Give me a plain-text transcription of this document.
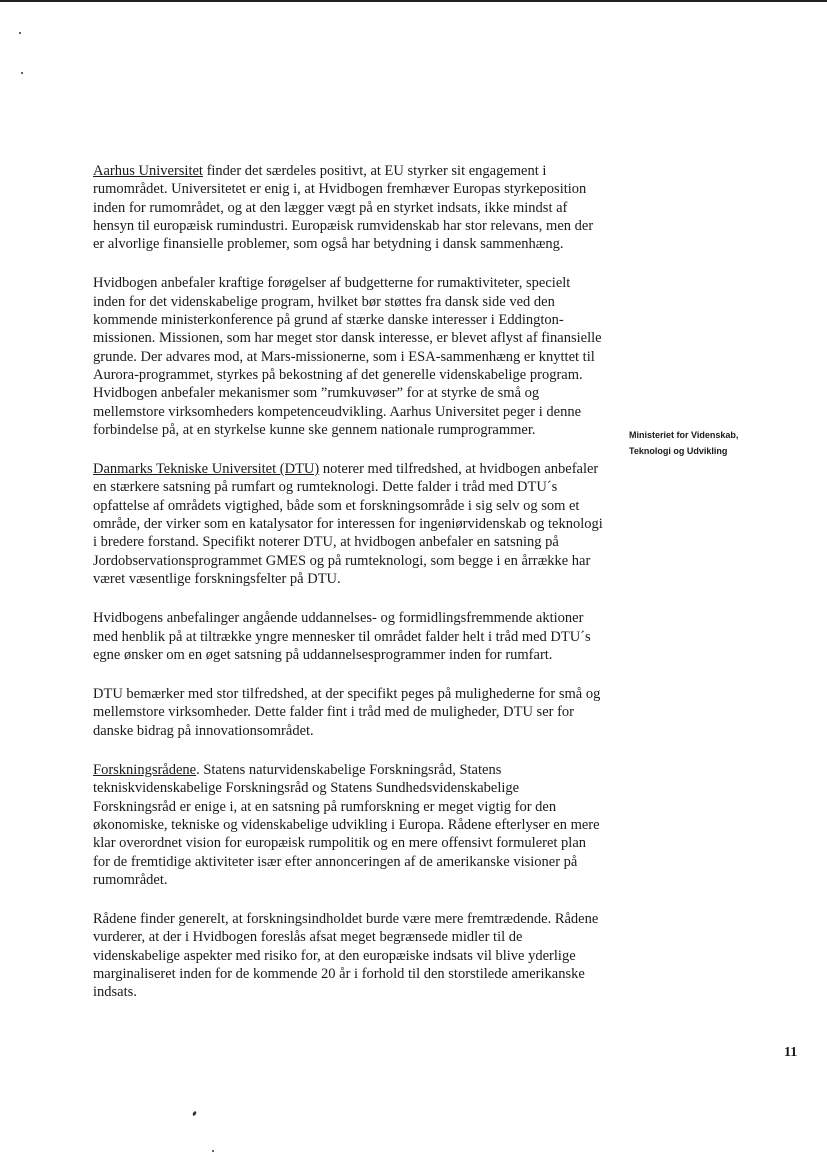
Aarhus Universitet finder det særdeles positivt, at EU styrker sit engagement i rumområdet. Universitetet er enig i, at Hvidbogen fremhæver Europas styrkeposition inden for rumområdet, og at den lægger vægt på en styrket indsats, ikke mindst af hensyn til europæisk rumindustri. Europæisk rumvidenskab har stor relevans, men der er alvorlige finansielle problemer, som også har betydning i dansk sammenhæng.

Hvidbogen anbefaler kraftige forøgelser af budgetterne for rumaktiviteter, specielt inden for det videnskabelige program, hvilket bør støttes fra dansk side ved den kommende ministerkonference på grund af stærke danske interesser i Eddington-missionen. Missionen, som har meget stor dansk interesse, er blevet aflyst af finansielle grunde. Der advares mod, at Mars-missionerne, som i ESA-sammenhæng er knyttet til Aurora-programmet, styrkes på bekostning af det generelle videnskabelige program. Hvidbogen anbefaler mekanismer som ”rumkuvøser” for at styrke de små og mellemstore virksomheders kompetenceudvikling. Aarhus Universitet peger i denne forbindelse på, at en styrkelse kunne ske gennem nationale rumprogrammer.

Danmarks Tekniske Universitet (DTU) noterer med tilfredshed, at hvidbogen anbefaler en stærkere satsning på rumfart og rumteknologi. Dette falder i tråd med DTU´s opfattelse af områdets vigtighed, både som et forskningsområde i sig selv og som et område, der virker som en katalysator for interessen for ingeniørvidenskab og teknologi i bredere forstand. Specifikt noterer DTU, at hvidbogen anbefaler en satsning på Jordobservationsprogrammet GMES og på rumteknologi, som begge i en årrække har været væsentlige forskningsfelter på DTU.

Hvidbogens anbefalinger angående uddannelses- og formidlingsfremmende aktioner med henblik på at tiltrække yngre mennesker til området falder helt i tråd med DTU´s egne ønsker om en øget satsning på uddannelsesprogrammer inden for rumfart.

DTU bemærker med stor tilfredshed, at der specifikt peges på mulighederne for små og mellemstore virksomheder. Dette falder fint i tråd med de muligheder, DTU ser for danske bidrag på innovationsområdet.

Forskningsrådene. Statens naturvidenskabelige Forskningsråd, Statens tekniskvidenskabelige Forskningsråd og Statens Sundhedsvidenskabelige Forskningsråd er enige i, at en satsning på rumforskning er meget vigtig for den økonomiske, tekniske og videnskabelige udvikling i Europa. Rådene efterlyser en mere klar overordnet vision for europæisk rumpolitik og en mere offensivt formuleret plan for de fremtidige aktiviteter især efter annonceringen af de amerikanske visioner på rumområdet.

Rådene finder generelt, at forskningsindholdet burde være mere fremtrædende. Rådene vurderer, at der i Hvidbogen foreslås afsat meget begrænsede midler til de videnskabelige aspekter med risiko for, at den europæiske indsats vil blive yderlige marginaliseret inden for de kommende 20 år i forhold til den storstilede amerikanske indsats.

Ministeriet for Videnskab,
Teknologi og Udvikling
11
